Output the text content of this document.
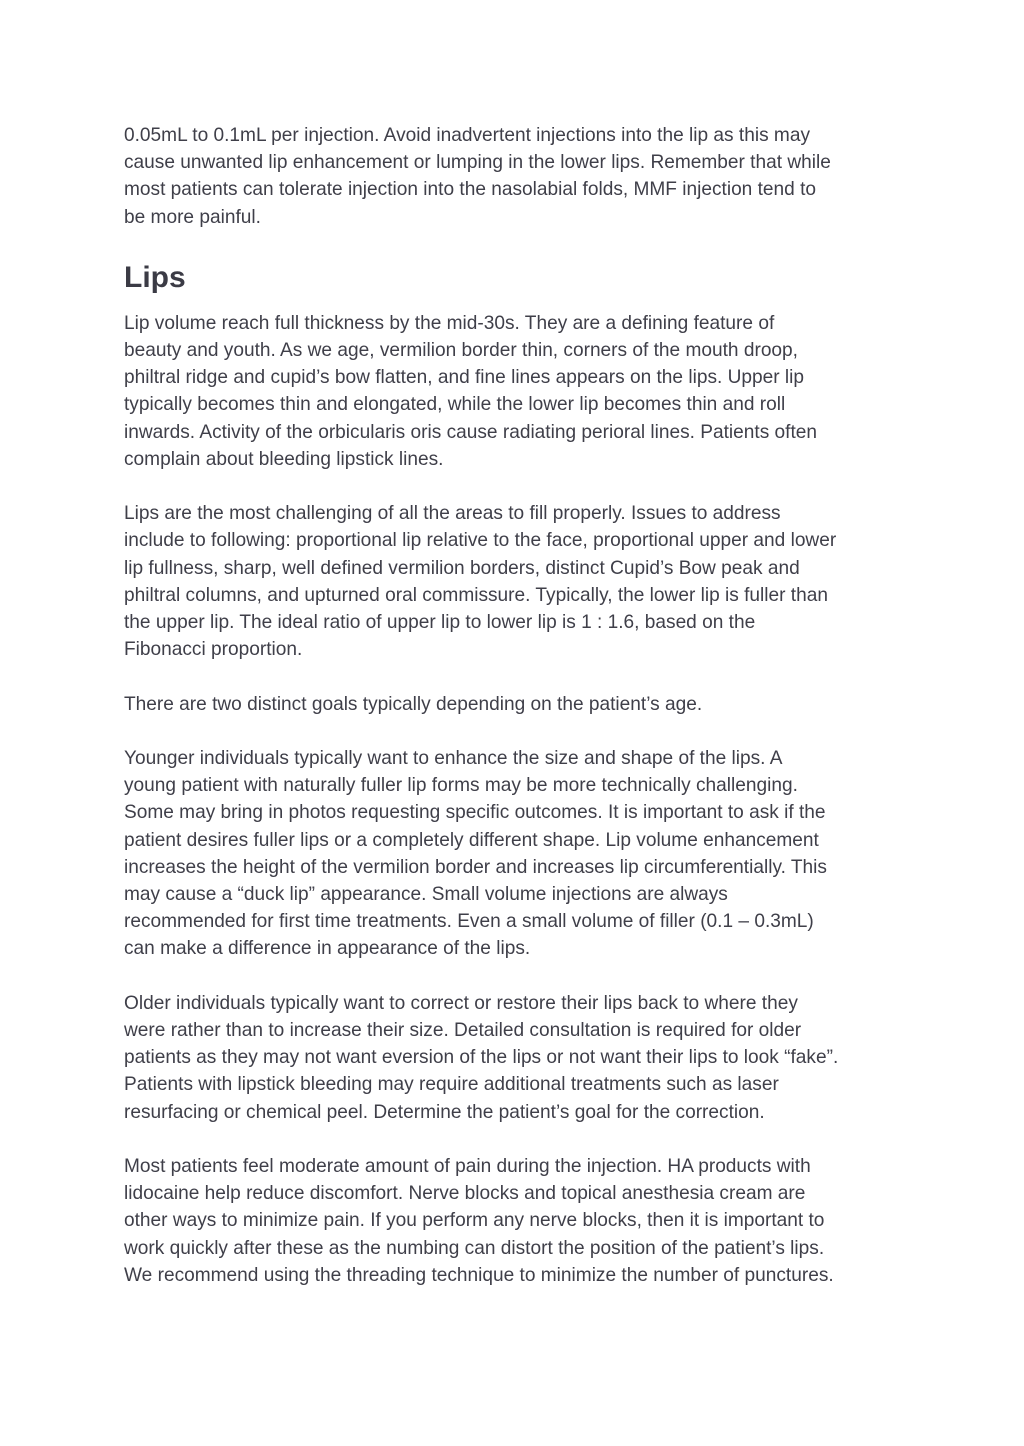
0.05mL to 0.1mL per injection. Avoid inadvertent injections into the lip as this may
cause unwanted lip enhancement or lumping in the lower lips. Remember that while
most patients can tolerate injection into the nasolabial folds, MMF injection tend to
be more painful.

Lips

Lip volume reach full thickness by the mid-30s. They are a defining feature of
beauty and youth. As we age, vermilion border thin, corners of the mouth droop,
philtral ridge and cupid’s bow flatten, and fine lines appears on the lips. Upper lip
typically becomes thin and elongated, while the lower lip becomes thin and roll
inwards. Activity of the orbicularis oris cause radiating perioral lines. Patients often
complain about bleeding lipstick lines.

Lips are the most challenging of all the areas to fill properly. Issues to address
include to following: proportional lip relative to the face, proportional upper and lower
lip fullness, sharp, well defined vermilion borders, distinct Cupid’s Bow peak and
philtral columns, and upturned oral commissure. Typically, the lower lip is fuller than
the upper lip. The ideal ratio of upper lip to lower lip is 1 : 1.6, based on the
Fibonacci proportion.

There are two distinct goals typically depending on the patient’s age.

Younger individuals typically want to enhance the size and shape of the lips. A
young patient with naturally fuller lip forms may be more technically challenging.
Some may bring in photos requesting specific outcomes. It is important to ask if the
patient desires fuller lips or a completely different shape. Lip volume enhancement
increases the height of the vermilion border and increases lip circumferentially. This
may cause a “duck lip” appearance. Small volume injections are always
recommended for first time treatments. Even a small volume of filler (0.1 – 0.3mL)
can make a difference in appearance of the lips.

Older individuals typically want to correct or restore their lips back to where they
were rather than to increase their size. Detailed consultation is required for older
patients as they may not want eversion of the lips or not want their lips to look “fake”.
Patients with lipstick bleeding may require additional treatments such as laser
resurfacing or chemical peel. Determine the patient’s goal for the correction.

Most patients feel moderate amount of pain during the injection. HA products with
lidocaine help reduce discomfort. Nerve blocks and topical anesthesia cream are
other ways to minimize pain. If you perform any nerve blocks, then it is important to
work quickly after these as the numbing can distort the position of the patient’s lips.
We recommend using the threading technique to minimize the number of punctures.
